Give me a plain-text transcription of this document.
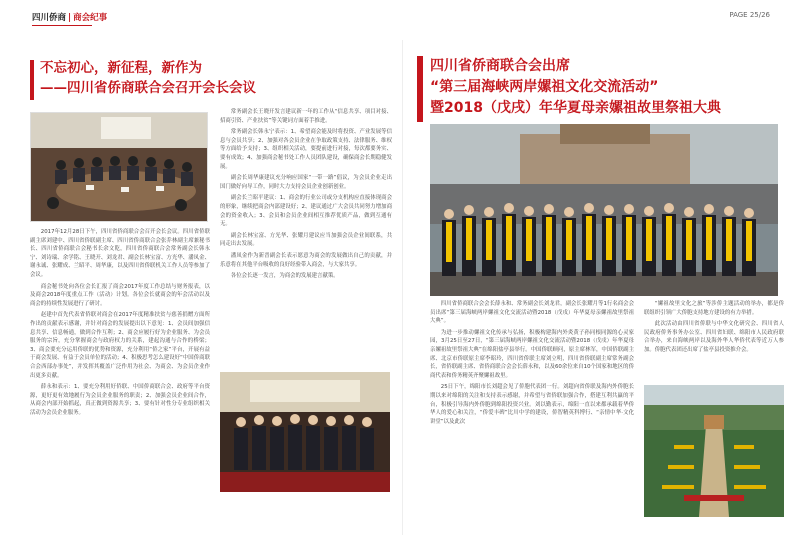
四川侨商 | 商会纪事	PAGE 25/26
不忘初心，新征程，新作为
——四川省侨商联合会召开会长会议

2017年12月28日下午，四川省侨商联合会召开会长会议。四川省侨联副主席刘建中、四川省侨联副主席、四川省侨商联合会张乔林副主席兼秘书长、四川省侨商联合会秘书长余文乾，四川省侨商联合会常务副会长韩永宁、刘诗瑞、余学铭、王晓开、刘龙君、副会长林宝富、方光华、潘凤金、谢永诚、张耀成、兰昭平、周华康，以及四川省侨联机关工作人员等参加了会议。

商会秘书处向各位会长汇报了商会2017年度工作总结与财务报表，以及商会2018年度重点工作（活动）计划。各位会长就商会的年会活动以及商会的持续性发展进行了研讨。

赵建中首先代表省侨联对商会在2017年度精准扶贫与慈善捐赠方面所作出的贡献表示感谢，并针对商会的发展提出以下意见：1、会员间加强信息共享、信息畅通，做到合作互利；2、商会应履行好为企业服务、为会员服务的宗旨，充分掌握商会与政府权力的关系，建起沟通与合作的桥梁；3、商会要充分运用侨联的优势和资源，充分利用“侨之家”平台，开展有益于商会发展、有益于会员单位的活动；4、积极思考怎么建设好“中国侨商联合会西部办事处”，并发挥其覆盖广泛作用为社会、为商会、为会员企业作出更多贡献。

薛永和表示：1、要充分利用好侨联、中国侨商联合会、政府等平台资源，更好更有效地履行为会员企业服务的职责；2、加强会员企业间合作，从商会内部开始抓起，真正做到资源共享；3、要有针对性分专业组织相关活动为会员企业服务。

常务副会长王晓开发言建议新一年的工作从“信息共享、项目对接、招商引资、产业扶贫”等关键词方面着手推进。

常务副会长韩永宁表示：1、希望商会能及时将投资、产业发展等信息与会员共享；2、加强对各会员企业在争取政策支持、法律服务、维权等方面给予支持；3、组织相关活动，要提前进行对接，每次都要务实、要有成效；4、加强商会秘书处工作人员团队建设，确保商会长期稳健发展。

副会长周华康建议充分响应国家“一带一路”倡议，为会员企业走出国门做好向导工作，同时大力支持会员企业创新创业。

副会长兰昭平建议：1、商会的行业公司或分支机构应直接体现商会的形象，继续把商会内部建设好；2、建议通过广大会员共同努力增加商会的资金收入；3、会员和会员企业间相互推荐优质产品，做到互通有无。

副会长林宝富、方光华、张耀月建议应当加强会员企业间联系，共同走出去发展。

潘凤金作为新晋副会长表示愿意为商会的发展做出自己的贡献，并乐意将在其他平台吸收的良好经验带入商会，与大家共享。

各位会长逐一发言，为商会的发展建言献策。

四川省侨商联合会出席
“第三届海峡两岸嫘祖文化交流活动”
暨2018（戊戌）年华夏母亲嫘祖故里祭祖大典

四川省侨商联合会会长薛永和、常务副会长刘龙君，副会长张耀月等1行名商会会员出席“第三届海峡两岸嫘祖文化交流活动暨2018（戊戌）年华夏母亲嫘祖故里祭祖大典”。

为进一步推动嫘祖文化传承与弘扬，积极构建海内外炎黄子孙同根同源的心灵家园，3月25日至27日，“第三届海峡两岸嫘祖文化交流活动暨2018（戊戌）年华夏母亲嫘祖故里祭祖大典”在绵阳盐亭县举行。中国侨联顾问，原主席林军，中国侨联副主席、北京市侨联原主席李昭玲，四川省侨联主席刘立明，四川省侨联副主席常务副会长，省侨联副主席、省侨商联合会会长薛永和，以及60余位来自10个国家和地区的侨商代表和侨务精英齐聚嫘祖故里。

25日下午，绵阳市长刘超会见了侨胞代表团一行。刘超向省侨联及海内外侨胞长期以来对绵阳的关注和支持表示感谢，并希望与省侨联加强合作，搭建互利共赢的平台，积极引导海内外侨胞到绵阳投资兴业。刘以勤表示，绵阳一直以来都承载着华侨华人的爱心和关注，“侨爱丰碑”比川中学的建设，侨智精英科博行、“亲情中华·文化讲堂”以及此次

“嫘祖故里文化之旅”等涉侨主题活动的举办，都是侨联组织引领广大侨胞支持地方建设的有力举措。

此次活动由四川省侨联与中华文化研究会、四川省人民政府侨务事务办公室、四川省妇联、绵阳市人民政府联合举办，来自海峡两岸以及海外华人华侨代表等近万人参加。侨胞代表团还出席了盐亭县投资推介会。
